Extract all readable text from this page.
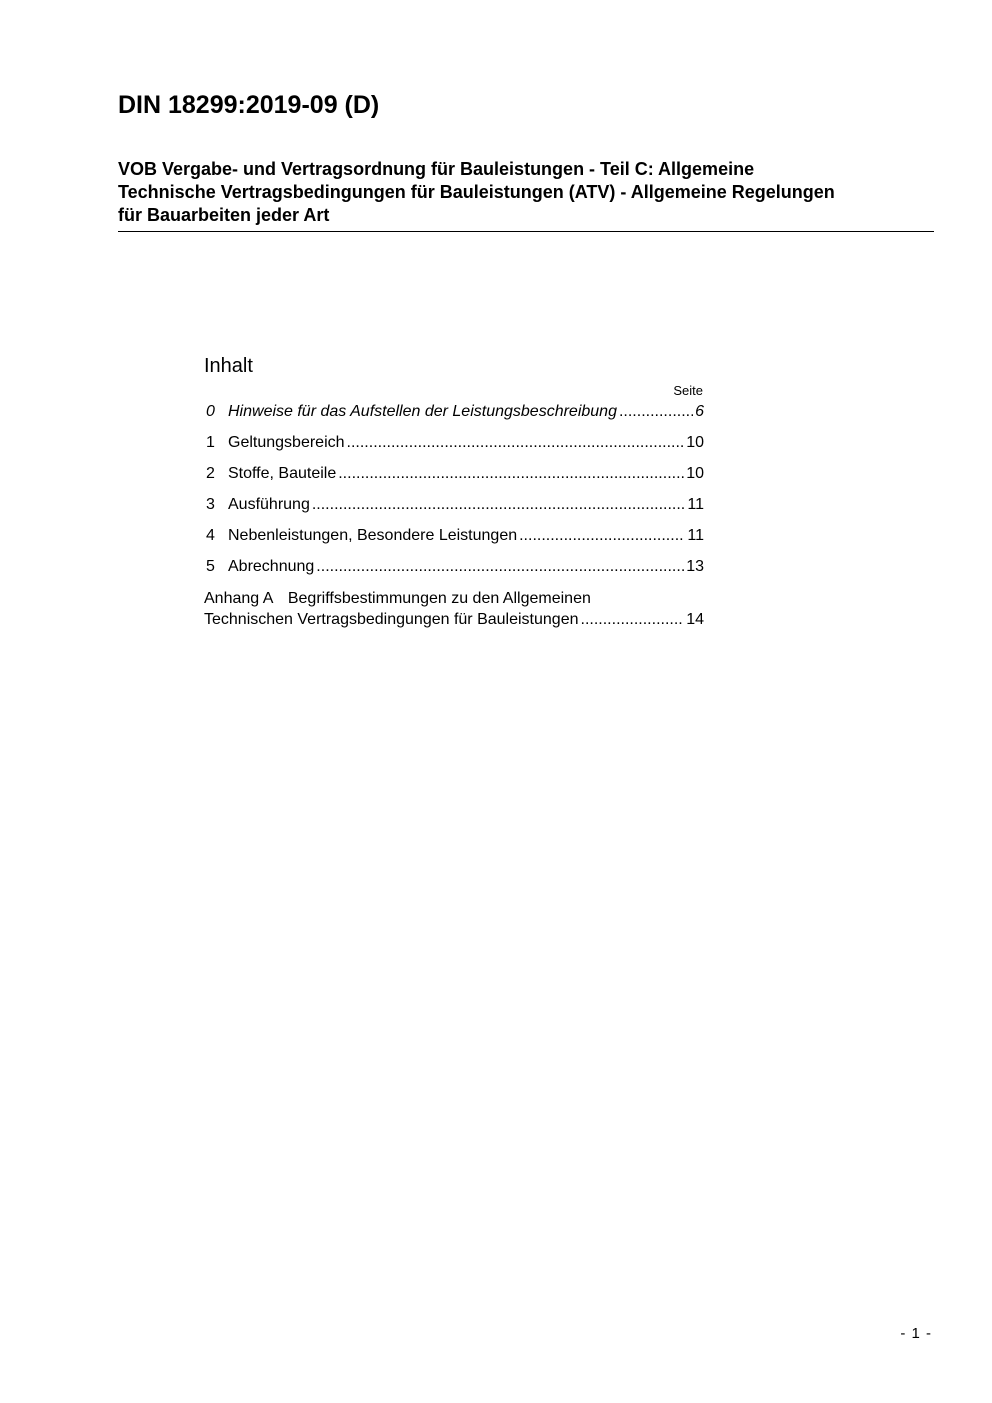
DIN 18299:2019-09 (D)
VOB Vergabe- und Vertragsordnung für Bauleistungen - Teil C: Allgemeine
Technische Vertragsbedingungen für Bauleistungen (ATV) - Allgemeine Regelungen
für Bauarbeiten jeder Art
Inhalt
Seite
0 Hinweise für das Aufstellen der Leistungsbeschreibung .....	6
1 Geltungsbereich .....	10
2 Stoffe, Bauteile .....	10
3 Ausführung .....	11
4 Nebenleistungen, Besondere Leistungen .....	11
5 Abrechnung .....	13
Anhang A Begriffsbestimmungen zu den Allgemeinen
Technischen Vertragsbedingungen für Bauleistungen .....	14
- 1 -
